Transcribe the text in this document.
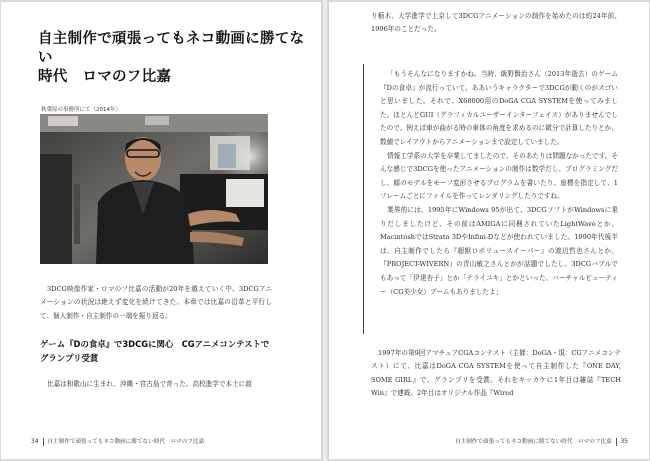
自主制作で頑張ってもネコ動画に勝てない
時代　ロマのフ比嘉
秋葉原の事務所にて（2014年）

3DCG映像作家・ロマのフ比嘉の活動が20年を越えていく中、3DCGアニメーションの状況は絶えず変化を続けてきた。本章では比嘉の沿革と平行して、個人制作・自主制作の一端を振り返る。

ゲーム『Dの食卓』で3DCGに関心　CGアニメコンテストでグランプリ受賞

比嘉は和歌山に生まれ、沖縄・宮古島で育った。高校進学で本土に渡

34 自主制作で頑張ってもネコ動画に勝てない時代　ロマのフ比嘉

り栃木、大学進学で上京して3DCGアニメーションの制作を始めたのは約24年前、1996年のことだった。

「もうそんなになりますかね。当時、飯野賢治さん（2013年逝去）のゲーム『Dの食卓』が流行っていて、ああいうキャラクターで3DCGが動くのがスゴいと思いました。それで、X68000用のDoGA CGA SYSTEMを使ってみました。ほとんどGUI（グラフィカルユーザーインターフェイス）がありませんでしたので、例えば車が曲がる時の車体の角度を求めるのに微分で計算したりとか、数値でレイアウトからアニメーションまで設定していました。

情報工学系の大学を卒業してましたので、そのあたりは問題なかったです。そんな感じで3DCGを使ったアニメーションの制作は数学だし、プログラミングだし、顔のモデルをモーフ変形させるプログラムを書いたり、座標を指定して、1フレームごとにファイルを作ってレンダリングしたりですね。

業界的には、1995年にWindows 95が出て、3DCGソフトがWindowsに乗りだしましたけど、その前はAMIGAに同梱されていたLightWaveとか、MacintoshではStrata 3DやInfini-Dなどが使われていました。1990年代後半は、自主制作でしたら『超獣ロボリュースイーパー』の渡辺哲也さんとか、『PROJECT-WIVERN』の青山敏之さんとかが話題でしたし、3DCGバブルでもあって「伊達杏子」とか「テライユキ」とかといった、バーチャルビューティー（CG美少女）ブームもありましたよ」

1997年の第9回アマチュアCGAコンテスト（主催：DoGA・現：CGアニメコンテスト）にて、比嘉はDoGA CGA SYSTEMを使って自主制作した『ONE DAY, SOME GIRL』で、グランプリを受賞。それをキッカケに1年目は雑誌『TECH Win』で連載、2年目はオリジナル作品『Wired

自主制作で頑張ってもネコ動画に勝てない時代　ロマのフ比嘉 35
